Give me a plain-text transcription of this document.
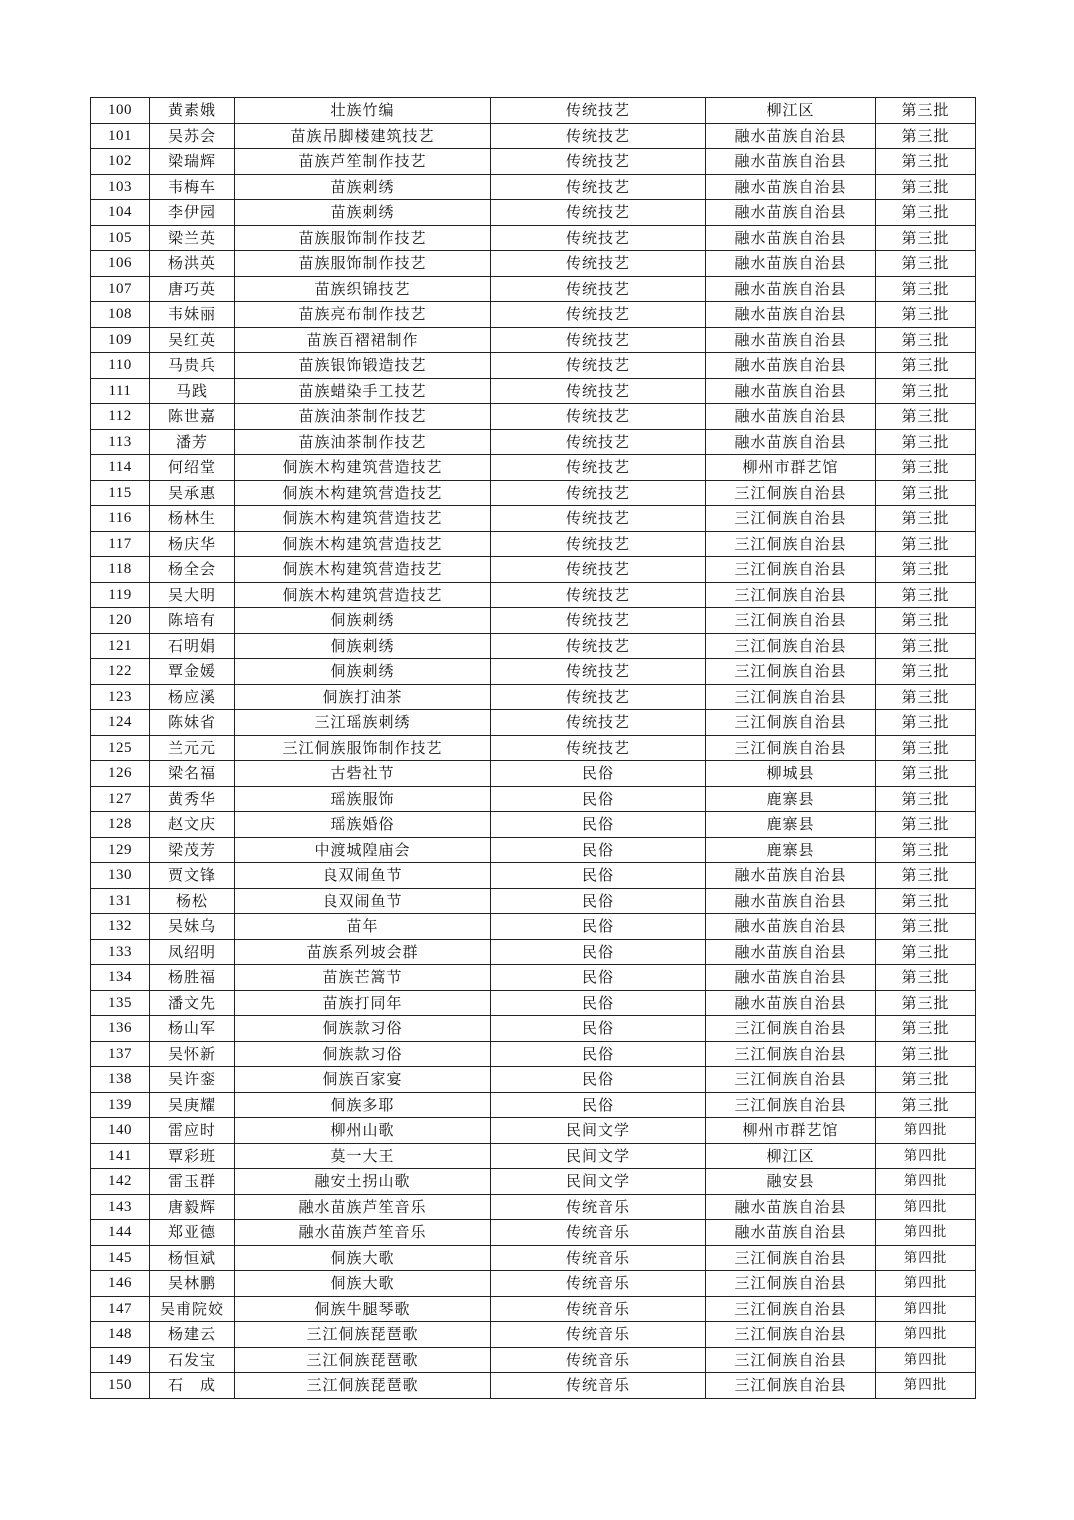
100	黄素娥	壮族竹编	传统技艺	柳江区	第三批
101	吴苏会	苗族吊脚楼建筑技艺	传统技艺	融水苗族自治县	第三批
102	梁瑞辉	苗族芦笙制作技艺	传统技艺	融水苗族自治县	第三批
103	韦梅车	苗族刺绣	传统技艺	融水苗族自治县	第三批
104	李伊园	苗族刺绣	传统技艺	融水苗族自治县	第三批
105	梁兰英	苗族服饰制作技艺	传统技艺	融水苗族自治县	第三批
106	杨洪英	苗族服饰制作技艺	传统技艺	融水苗族自治县	第三批
107	唐巧英	苗族织锦技艺	传统技艺	融水苗族自治县	第三批
108	韦妹丽	苗族亮布制作技艺	传统技艺	融水苗族自治县	第三批
109	吴红英	苗族百褶裙制作	传统技艺	融水苗族自治县	第三批
110	马贵兵	苗族银饰锻造技艺	传统技艺	融水苗族自治县	第三批
111	马践	苗族蜡染手工技艺	传统技艺	融水苗族自治县	第三批
112	陈世嘉	苗族油茶制作技艺	传统技艺	融水苗族自治县	第三批
113	潘芳	苗族油茶制作技艺	传统技艺	融水苗族自治县	第三批
114	何绍堂	侗族木构建筑营造技艺	传统技艺	柳州市群艺馆	第三批
115	吴承惠	侗族木构建筑营造技艺	传统技艺	三江侗族自治县	第三批
116	杨林生	侗族木构建筑营造技艺	传统技艺	三江侗族自治县	第三批
117	杨庆华	侗族木构建筑营造技艺	传统技艺	三江侗族自治县	第三批
118	杨全会	侗族木构建筑营造技艺	传统技艺	三江侗族自治县	第三批
119	吴大明	侗族木构建筑营造技艺	传统技艺	三江侗族自治县	第三批
120	陈培有	侗族刺绣	传统技艺	三江侗族自治县	第三批
121	石明娟	侗族刺绣	传统技艺	三江侗族自治县	第三批
122	覃金媛	侗族刺绣	传统技艺	三江侗族自治县	第三批
123	杨应溪	侗族打油茶	传统技艺	三江侗族自治县	第三批
124	陈妹省	三江瑶族刺绣	传统技艺	三江侗族自治县	第三批
125	兰元元	三江侗族服饰制作技艺	传统技艺	三江侗族自治县	第三批
126	梁名福	古砦社节	民俗	柳城县	第三批
127	黄秀华	瑶族服饰	民俗	鹿寨县	第三批
128	赵文庆	瑶族婚俗	民俗	鹿寨县	第三批
129	梁茂芳	中渡城隍庙会	民俗	鹿寨县	第三批
130	贾文锋	良双闹鱼节	民俗	融水苗族自治县	第三批
131	杨松	良双闹鱼节	民俗	融水苗族自治县	第三批
132	吴妹乌	苗年	民俗	融水苗族自治县	第三批
133	凤绍明	苗族系列坡会群	民俗	融水苗族自治县	第三批
134	杨胜福	苗族芒篙节	民俗	融水苗族自治县	第三批
135	潘文先	苗族打同年	民俗	融水苗族自治县	第三批
136	杨山军	侗族款习俗	民俗	三江侗族自治县	第三批
137	吴怀新	侗族款习俗	民俗	三江侗族自治县	第三批
138	吴许銮	侗族百家宴	民俗	三江侗族自治县	第三批
139	吴庚耀	侗族多耶	民俗	三江侗族自治县	第三批
140	雷应时	柳州山歌	民间文学	柳州市群艺馆	第四批
141	覃彩班	莫一大王	民间文学	柳江区	第四批
142	雷玉群	融安土拐山歌	民间文学	融安县	第四批
143	唐毅辉	融水苗族芦笙音乐	传统音乐	融水苗族自治县	第四批
144	郑亚德	融水苗族芦笙音乐	传统音乐	融水苗族自治县	第四批
145	杨恒斌	侗族大歌	传统音乐	三江侗族自治县	第四批
146	吴林鹏	侗族大歌	传统音乐	三江侗族自治县	第四批
147	吴甫院姣	侗族牛腿琴歌	传统音乐	三江侗族自治县	第四批
148	杨建云	三江侗族琵琶歌	传统音乐	三江侗族自治县	第四批
149	石发宝	三江侗族琵琶歌	传统音乐	三江侗族自治县	第四批
150	石　成	三江侗族琵琶歌	传统音乐	三江侗族自治县	第四批
